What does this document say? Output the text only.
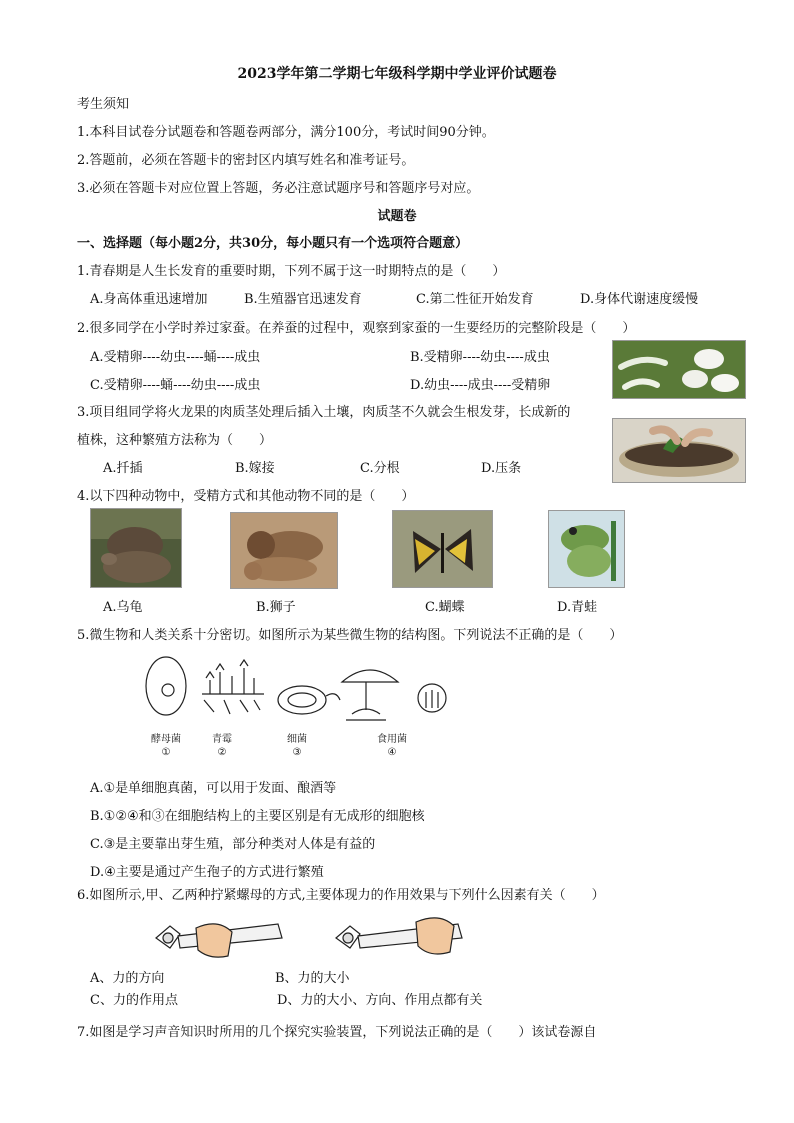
2023学年第二学期七年级科学期中学业评价试题卷
考生须知
1.本科目试卷分试题卷和答题卷两部分，满分100分，考试时间90分钟。
2.答题前，必须在答题卡的密封区内填写姓名和准考证号。
3.必须在答题卡对应位置上答题，务必注意试题序号和答题序号对应。
试题卷
一、选择题（每小题2分，共30分，每小题只有一个选项符合题意）
1.青春期是人生长发育的重要时期，下列不属于这一时期特点的是（　　）
A.身高体重迅速增加	B.生殖器官迅速发育	C.第二性征开始发育	D.身体代谢速度缓慢
2.很多同学在小学时养过家蚕。在养蚕的过程中，观察到家蚕的一生要经历的完整阶段是（　　）
A.受精卵----幼虫----蛹----成虫	B.受精卵----幼虫----成虫
C.受精卵----蛹----幼虫----成虫	D.幼虫----成虫----受精卵
3.项目组同学将火龙果的肉质茎处理后插入土壤，肉质茎不久就会生根发芽，长成新的
植株，这种繁殖方法称为（　　）
A.扦插	B.嫁接	C.分根	D.压条
4.以下四种动物中，受精方式和其他动物不同的是（　　）
A.乌龟	B.狮子	C.蝴蝶	D.青蛙
5.微生物和人类关系十分密切。如图所示为某些微生物的结构图。下列说法不正确的是（　　）
酵母菌	青霉	细菌	食用菌
①	②	③	④
A.①是单细胞真菌，可以用于发面、酿酒等
B.①②④和③在细胞结构上的主要区别是有无成形的细胞核
C.③是主要靠出芽生殖，部分种类对人体是有益的
D.④主要是通过产生孢子的方式进行繁殖
6.如图所示,甲、乙两种拧紧螺母的方式,主要体现力的作用效果与下列什么因素有关（　　）
A、力的方向	B、力的大小
C、力的作用点	D、力的大小、方向、作用点都有关
7.如图是学习声音知识时所用的几个探究实验装置，下列说法正确的是（　　）该试卷源自
